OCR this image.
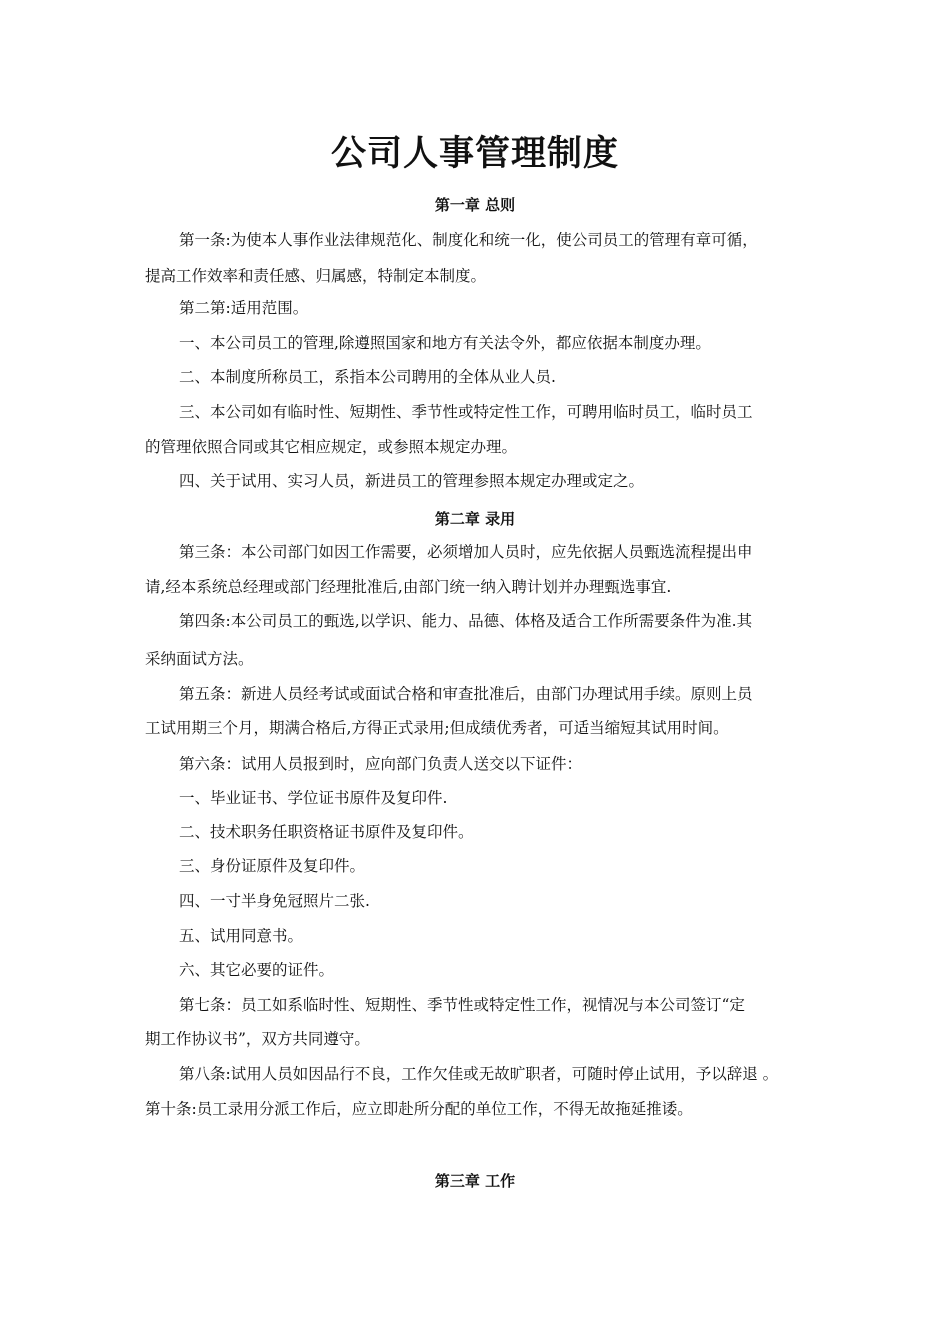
公司人事管理制度
第一章 总则
第一条:为使本人事作业法律规范化、制度化和统一化，使公司员工的管理有章可循，
提高工作效率和责任感、归属感，特制定本制度。
第二第:适用范围。
一、本公司员工的管理,除遵照国家和地方有关法令外，都应依据本制度办理。
二、本制度所称员工，系指本公司聘用的全体从业人员.
三、本公司如有临时性、短期性、季节性或特定性工作，可聘用临时员工，临时员工
的管理依照合同或其它相应规定，或参照本规定办理。
四、关于试用、实习人员，新进员工的管理参照本规定办理或定之。
第二章 录用
第三条：本公司部门如因工作需要，必须增加人员时，应先依据人员甄选流程提出申
请,经本系统总经理或部门经理批准后,由部门统一纳入聘计划并办理甄选事宜.
第四条:本公司员工的甄选,以学识、能力、品德、体格及适合工作所需要条件为准.其
采纳面试方法。
第五条：新进人员经考试或面试合格和审查批准后，由部门办理试用手续。原则上员
工试用期三个月，期满合格后,方得正式录用;但成绩优秀者，可适当缩短其试用时间。
第六条：试用人员报到时，应向部门负责人送交以下证件：
一、毕业证书、学位证书原件及复印件.
二、技术职务任职资格证书原件及复印件。
三、身份证原件及复印件。
四、一寸半身免冠照片二张.
五、试用同意书。
六、其它必要的证件。
第七条：员工如系临时性、短期性、季节性或特定性工作，视情况与本公司签订“定
期工作协议书”，双方共同遵守。
第八条:试用人员如因品行不良，工作欠佳或无故旷职者，可随时停止试用，予以辞退 。
第十条:员工录用分派工作后，应立即赴所分配的单位工作，不得无故拖延推诿。
第三章 工作
